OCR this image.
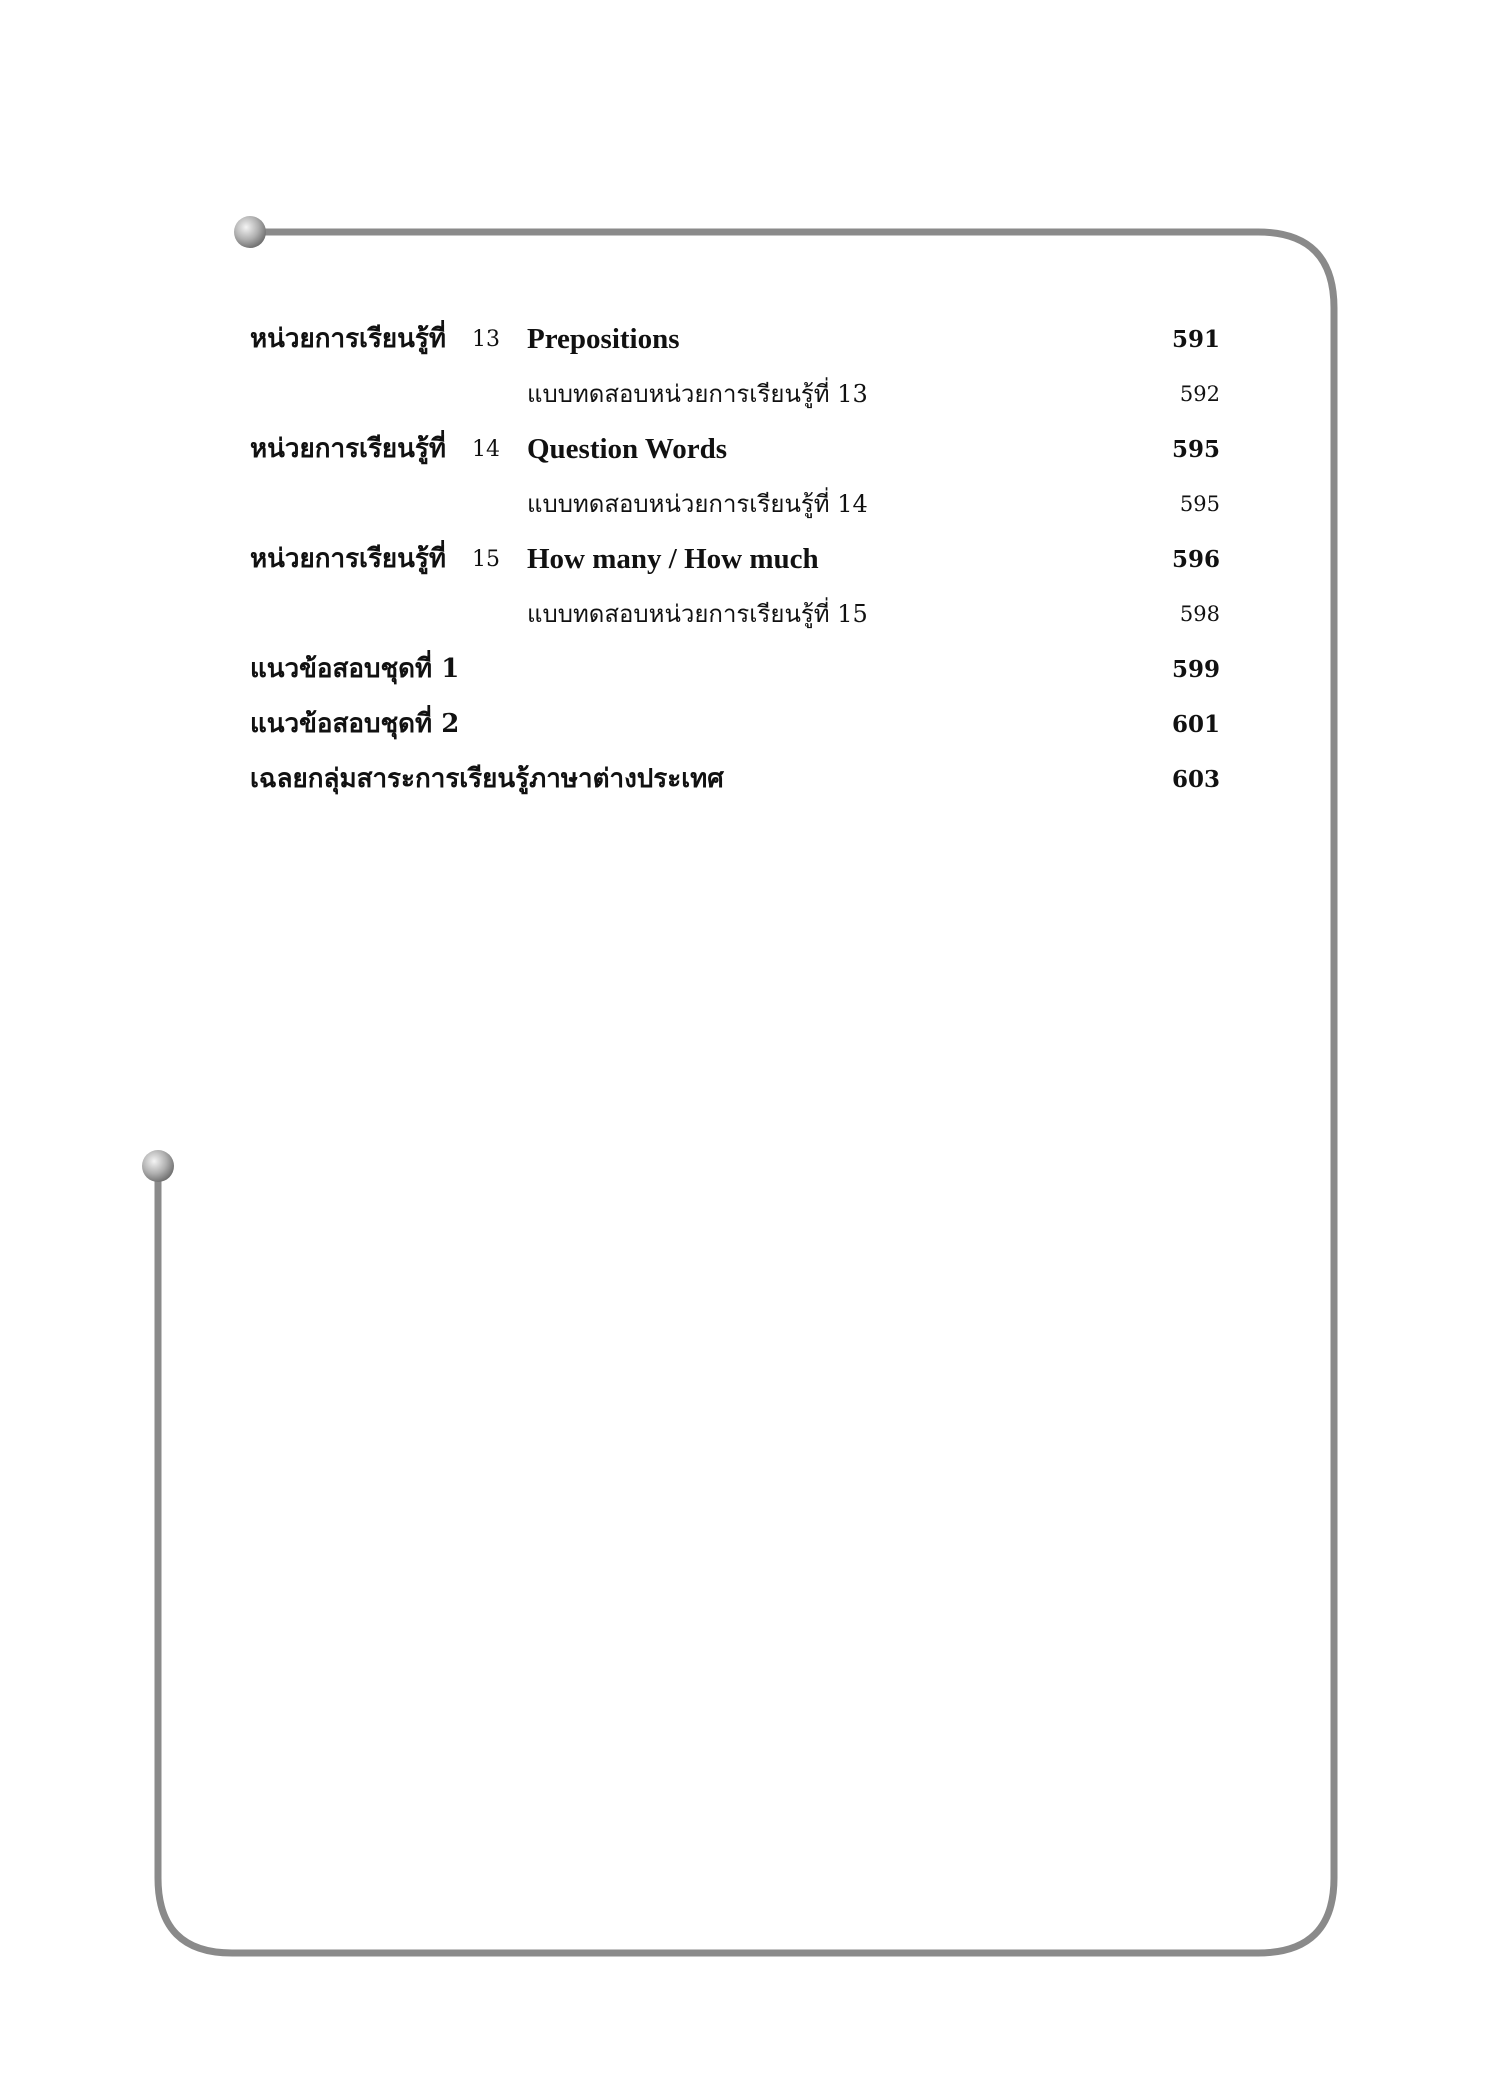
หน่วยการเรียนรู้ที่ 13 Prepositions	591
แบบทดสอบหน่วยการเรียนรู้ที่ 13	592
หน่วยการเรียนรู้ที่ 14 Question Words	595
แบบทดสอบหน่วยการเรียนรู้ที่ 14	595
หน่วยการเรียนรู้ที่ 15 How many / How much	596
แบบทดสอบหน่วยการเรียนรู้ที่ 15	598
แนวข้อสอบชุดที่ 1	599
แนวข้อสอบชุดที่ 2	601
เฉลยกลุ่มสาระการเรียนรู้ภาษาต่างประเทศ	603
